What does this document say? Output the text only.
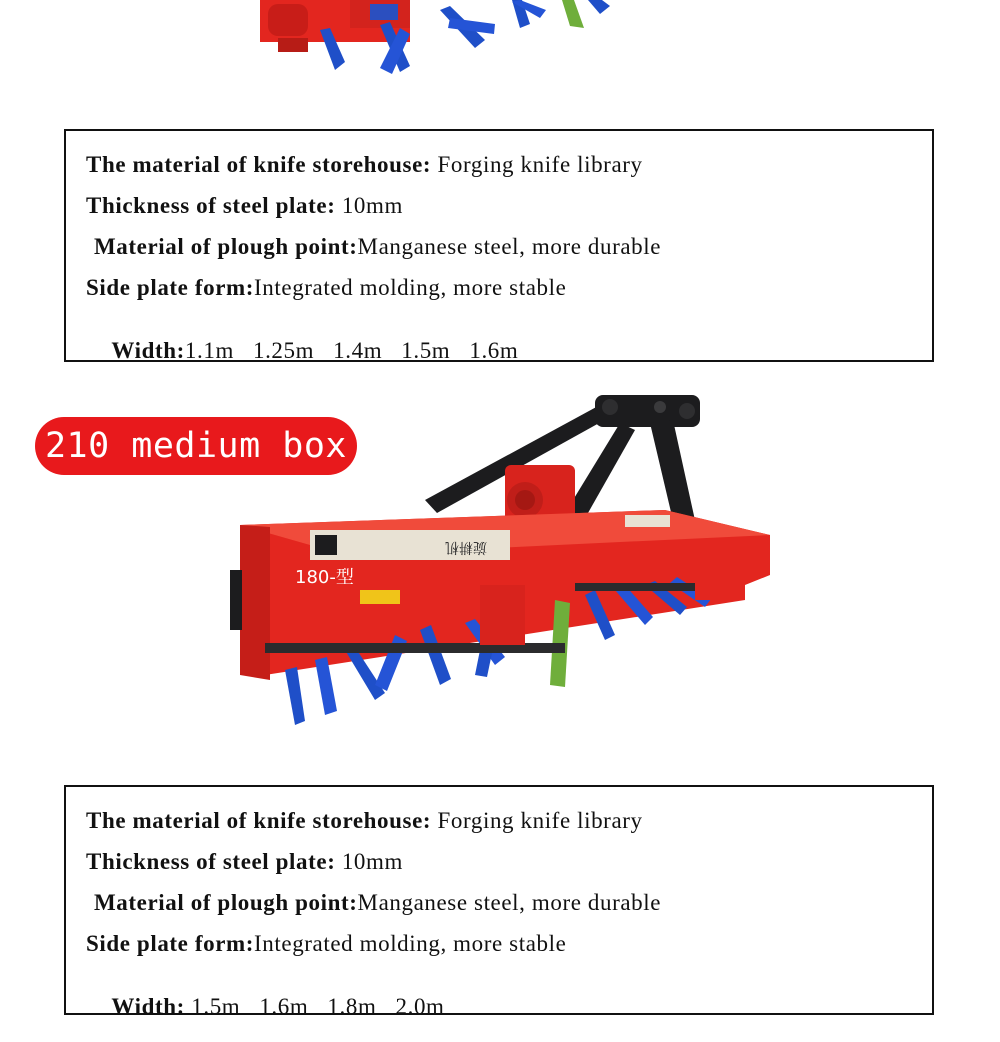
The material of knife storehouse: Forging knife library
Thickness of steel plate: 10mm
Material of plough point:Manganese steel, more durable
Side plate form:Integrated molding, more stable

Width:1.1m   1.25m   1.4m   1.5m   1.6m

210 medium box
旋耕机
180-型
The material of knife storehouse: Forging knife library
Thickness of steel plate: 10mm
Material of plough point:Manganese steel, more durable
Side plate form:Integrated molding, more stable

Width: 1.5m   1.6m   1.8m   2.0m
